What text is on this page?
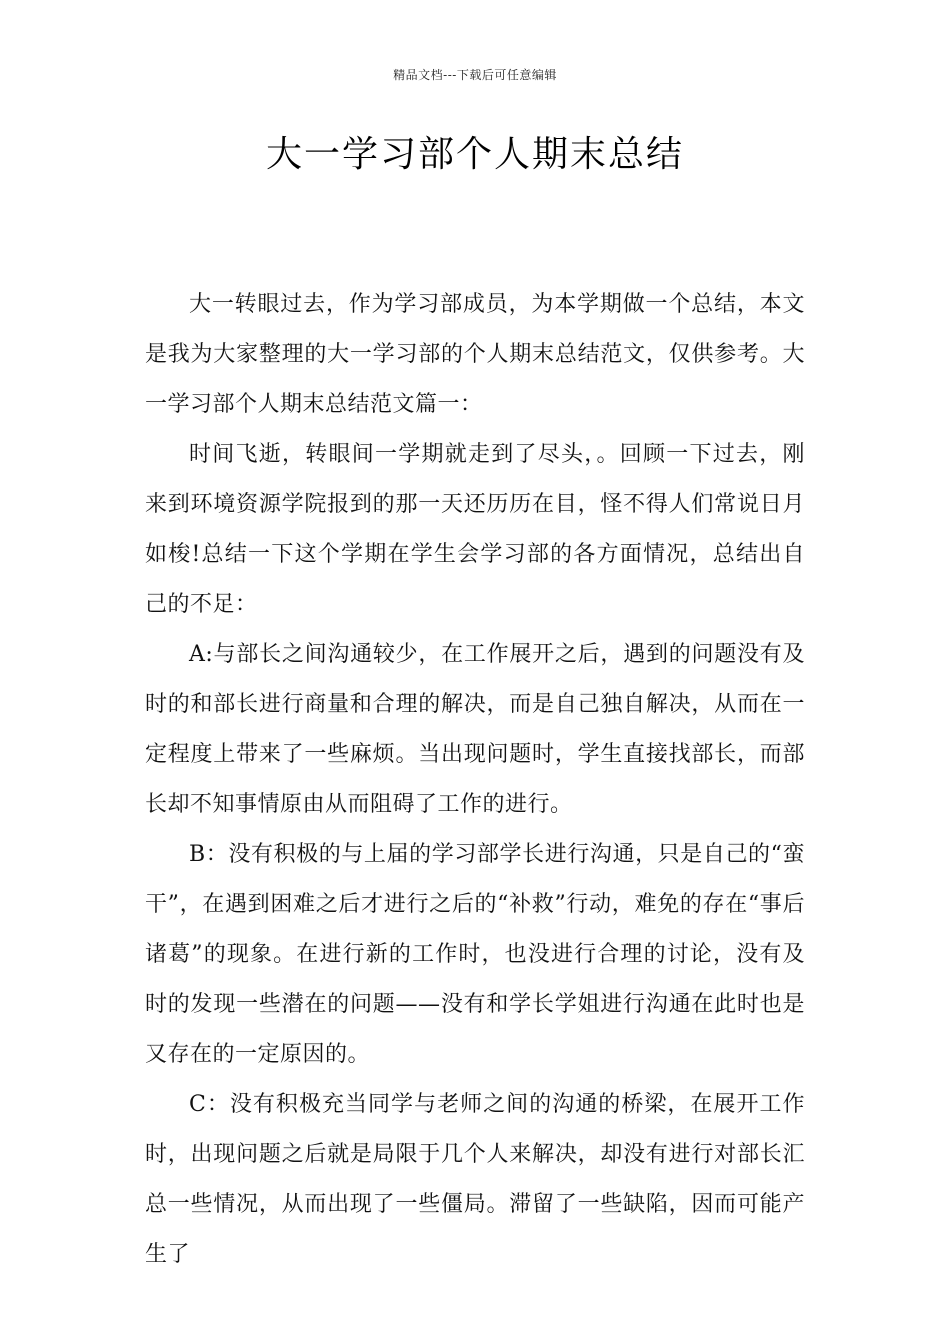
精品文档---下载后可任意编辑
大一学习部个人期末总结

大一转眼过去，作为学习部成员，为本学期做一个总结，本文是我为大家整理的大一学习部的个人期末总结范文，仅供参考。大一学习部个人期末总结范文篇一：

时间飞逝，转眼间一学期就走到了尽头，。回顾一下过去，刚来到环境资源学院报到的那一天还历历在目，怪不得人们常说日月如梭!总结一下这个学期在学生会学习部的各方面情况，总结出自己的不足：

A:与部长之间沟通较少，在工作展开之后，遇到的问题没有及时的和部长进行商量和合理的解决，而是自己独自解决，从而在一定程度上带来了一些麻烦。当出现问题时，学生直接找部长，而部长却不知事情原由从而阻碍了工作的进行。

B：没有积极的与上届的学习部学长进行沟通，只是自己的“蛮干”，在遇到困难之后才进行之后的“补救”行动，难免的存在“事后诸葛”的现象。在进行新的工作时，也没进行合理的讨论，没有及时的发现一些潜在的问题——没有和学长学姐进行沟通在此时也是又存在的一定原因的。

C：没有积极充当同学与老师之间的沟通的桥梁，在展开工作时，出现问题之后就是局限于几个人来解决，却没有进行对部长汇总一些情况，从而出现了一些僵局。滞留了一些缺陷，因而可能产生了
